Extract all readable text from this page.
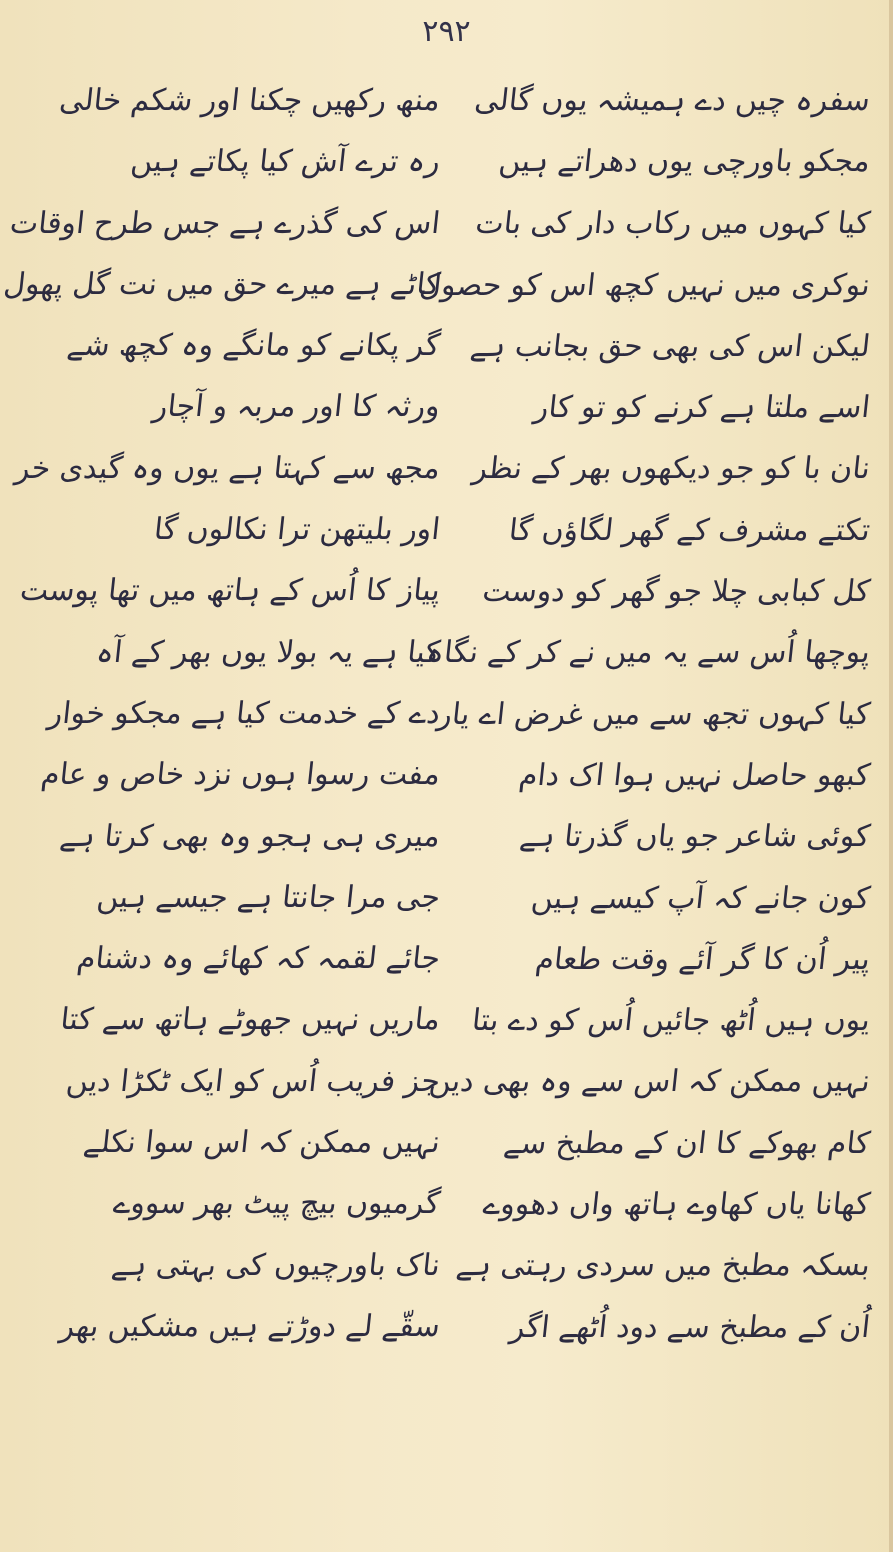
۲۹۲
سفرہ چیں دے ہمیشہ یوں گالی
مجکو باورچی یوں دھراتے ہیں
کیا کہوں میں رکاب دار کی بات
نوکری میں نہیں کچھ اس کو حصول
لیکن اس کی بھی حق بجانب ہے
اسے ملتا ہے کرنے کو تو کار
نان با کو جو دیکھوں بھر کے نظر
تکتے مشرف کے گھر لگاؤں گا
کل کبابی چلا جو گھر کو دوست
پوچھا اُس سے یہ میں نے کر کے نگاہ
کیا کہوں تجھ سے میں غرض اے یار
کبھو حاصل نہیں ہوا اک دام
کوئی شاعر جو یاں گذرتا ہے
کون جانے کہ آپ کیسے ہیں
پیر اُن کا گر آئے وقت طعام
یوں ہیں اُٹھ جائیں اُس کو دے بتا
نہیں ممکن کہ اس سے وہ بھی دیں
کام بھوکے کا ان کے مطبخ سے
کھانا یاں کھاوے ہاتھ واں دھووے
بسکہ مطبخ میں سردی رہتی ہے
اُن کے مطبخ سے دود اُٹھے اگر
منھ رکھیں چکنا اور شکم خالی
رہ ترے آش کیا پکاتے ہیں
اس کی گذرے ہے جس طرح اوقات
کاٹے ہے میرے حق میں نت گل پھول
گر پکانے کو مانگے وہ کچھ شے
ورثہ کا اور مربہ و آچار
مجھ سے کہتا ہے یوں وہ گیدی خر
اور بلیتھن ترا نکالوں گا
پیاز کا اُس کے ہاتھ میں تھا پوست
کیا ہے یہ بولا یوں بھر کے آہ
دے کے خدمت کیا ہے مجکو خوار
مفت رسوا ہوں نزد خاص و عام
میری ہی ہجو وہ بھی کرتا ہے
جی مرا جانتا ہے جیسے ہیں
جائے لقمہ کہ کھائے وہ دشنام
ماریں نہیں جھوٹے ہاتھ سے کتا
جز فریب اُس کو ایک ٹکڑا دیں
نہیں ممکن کہ اس سوا نکلے
گرمیوں بیچ پیٹ بھر سووے
ناک باورچیوں کی بہتی ہے
سقّے لے دوڑتے ہیں مشکیں بھر
